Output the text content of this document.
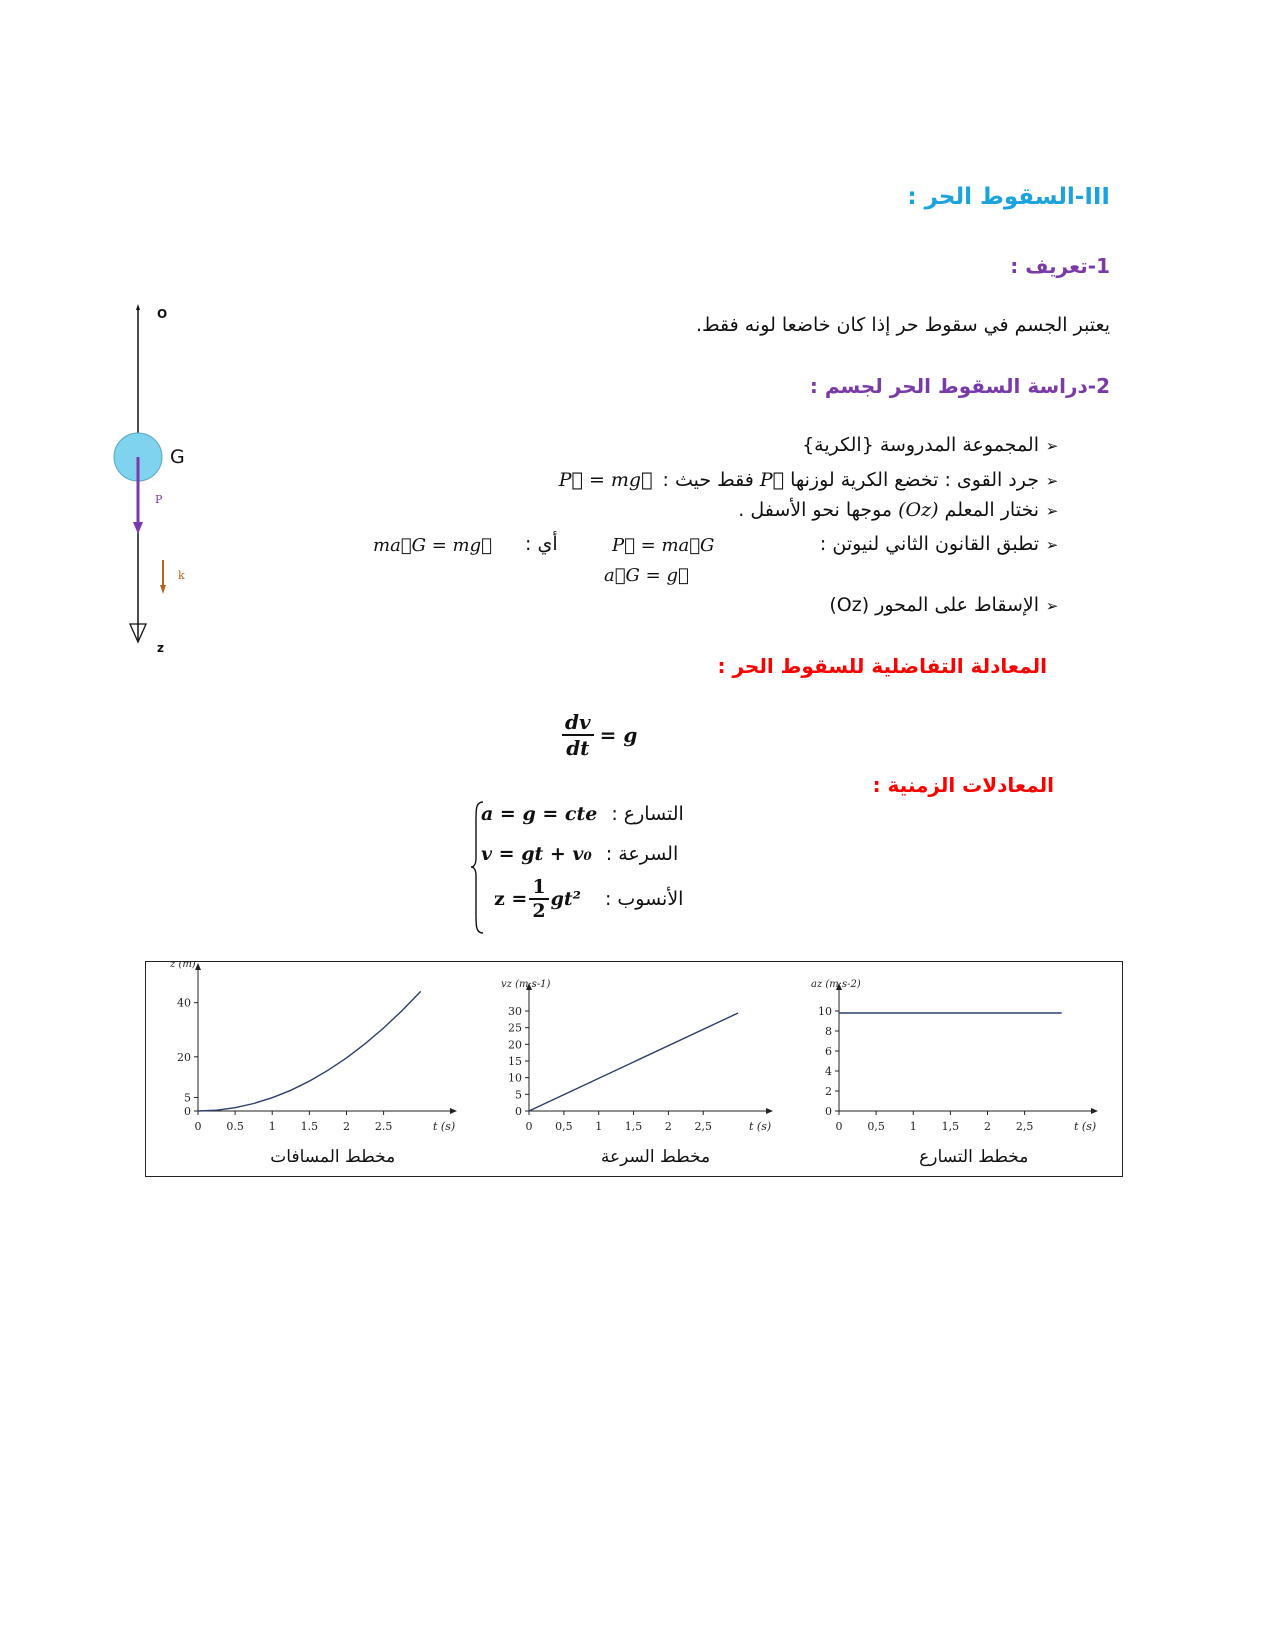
O
G
P
k
z
III-السقوط الحر :
1-تعريف :
يعتبر الجسم في سقوط حر إذا كان خاضعا لونه فقط.
2-دراسة السقوط الحر لجسم :
➢
المجموعة المدروسة {الكرية}
➢
جرد القوى : تخضع الكرية لوزنها
P⃗
فقط حيث :
P⃗ = mg⃗
➢
نختار المعلم
(Oz)
موجها نحو الأسفل .
➢
تطبق القانون الثاني لنيوتن :
P⃗ = ma⃗G
أي :
ma⃗G = mg⃗
a⃗G = g⃗
➢
الإسقاط على المحور (Oz)
المعادلة التفاضلية للسقوط الحر :
$\frac{dv}{dt} = g$
المعادلات الزمنية :
a = g = cte التسارع :
v = gt + v₀ السرعة :
$z = \frac{1}{2} gt^2$ الأنسوب :
0 0.5 1 1.5 2 2.5
0
5
20
40
z (m)
t (s)
مخطط المسافات
0 0,5 1 1,5 2 2,5
0
5
10
15
20
25
30
vz (m·s-1)
t (s)
مخطط السرعة
0 0,5 1 1,5 2 2,5
0
2
4
6
8
10
az (m·s-2)
t (s)
مخطط التسارع
